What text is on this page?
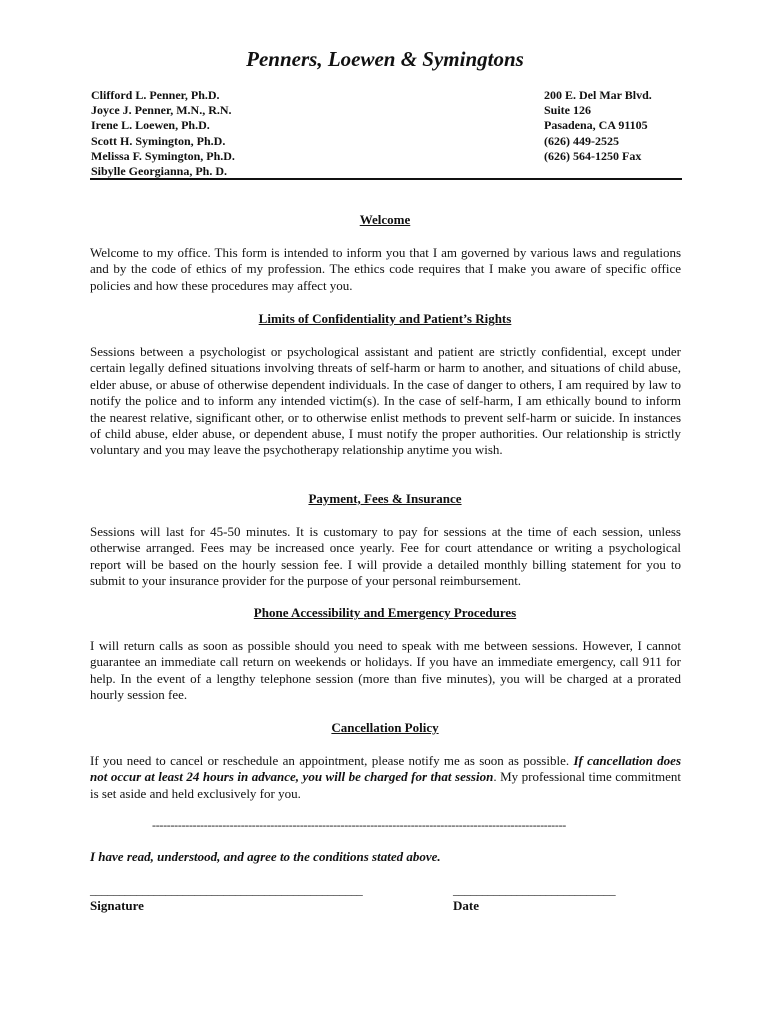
Penners, Loewen & Symingtons
Clifford L. Penner, Ph.D.
Joyce J. Penner, M.N., R.N.
Irene L. Loewen, Ph.D.
Scott H. Symington, Ph.D.
Melissa F. Symington, Ph.D.
Sibylle Georgianna, Ph. D.
200 E. Del Mar Blvd.
Suite 126
Pasadena, CA 91105
(626) 449-2525
(626) 564-1250 Fax
Welcome
Welcome to my office. This form is intended to inform you that I am governed by various laws and regulations and by the code of ethics of my profession. The ethics code requires that I make you aware of specific office policies and how these procedures may affect you.
Limits of Confidentiality and Patient’s Rights
Sessions between a psychologist or psychological assistant and patient are strictly confidential, except under certain legally defined situations involving threats of self-harm or harm to another, and situations of child abuse, elder abuse, or abuse of otherwise dependent individuals. In the case of danger to others, I am required by law to notify the police and to inform any intended victim(s). In the case of self-harm, I am ethically bound to inform the nearest relative, significant other, or to otherwise enlist methods to prevent self-harm or suicide. In instances of child abuse, elder abuse, or dependent abuse, I must notify the proper authorities. Our relationship is strictly voluntary and you may leave the psychotherapy relationship anytime you wish.
Payment, Fees & Insurance
Sessions will last for 45-50 minutes. It is customary to pay for sessions at the time of each session, unless otherwise arranged. Fees may be increased once yearly. Fee for court attendance or writing a psychological report will be based on the hourly session fee. I will provide a detailed monthly billing statement for you to submit to your insurance provider for the purpose of your personal reimbursement.
Phone Accessibility and Emergency Procedures
I will return calls as soon as possible should you need to speak with me between sessions. However, I cannot guarantee an immediate call return on weekends or holidays. If you have an immediate emergency, call 911 for help. In the event of a lengthy telephone session (more than five minutes), you will be charged at a prorated hourly session fee.
Cancellation Policy
If you need to cancel or reschedule an appointment, please notify me as soon as possible. If cancellation does not occur at least 24 hours in advance, you will be charged for that session. My professional time commitment is set aside and held exclusively for you.
----------------------------------------------------------------------------------------------------------------
I have read, understood, and agree to the conditions stated above.
_______________________________________________	____________________________
Signature	Date
